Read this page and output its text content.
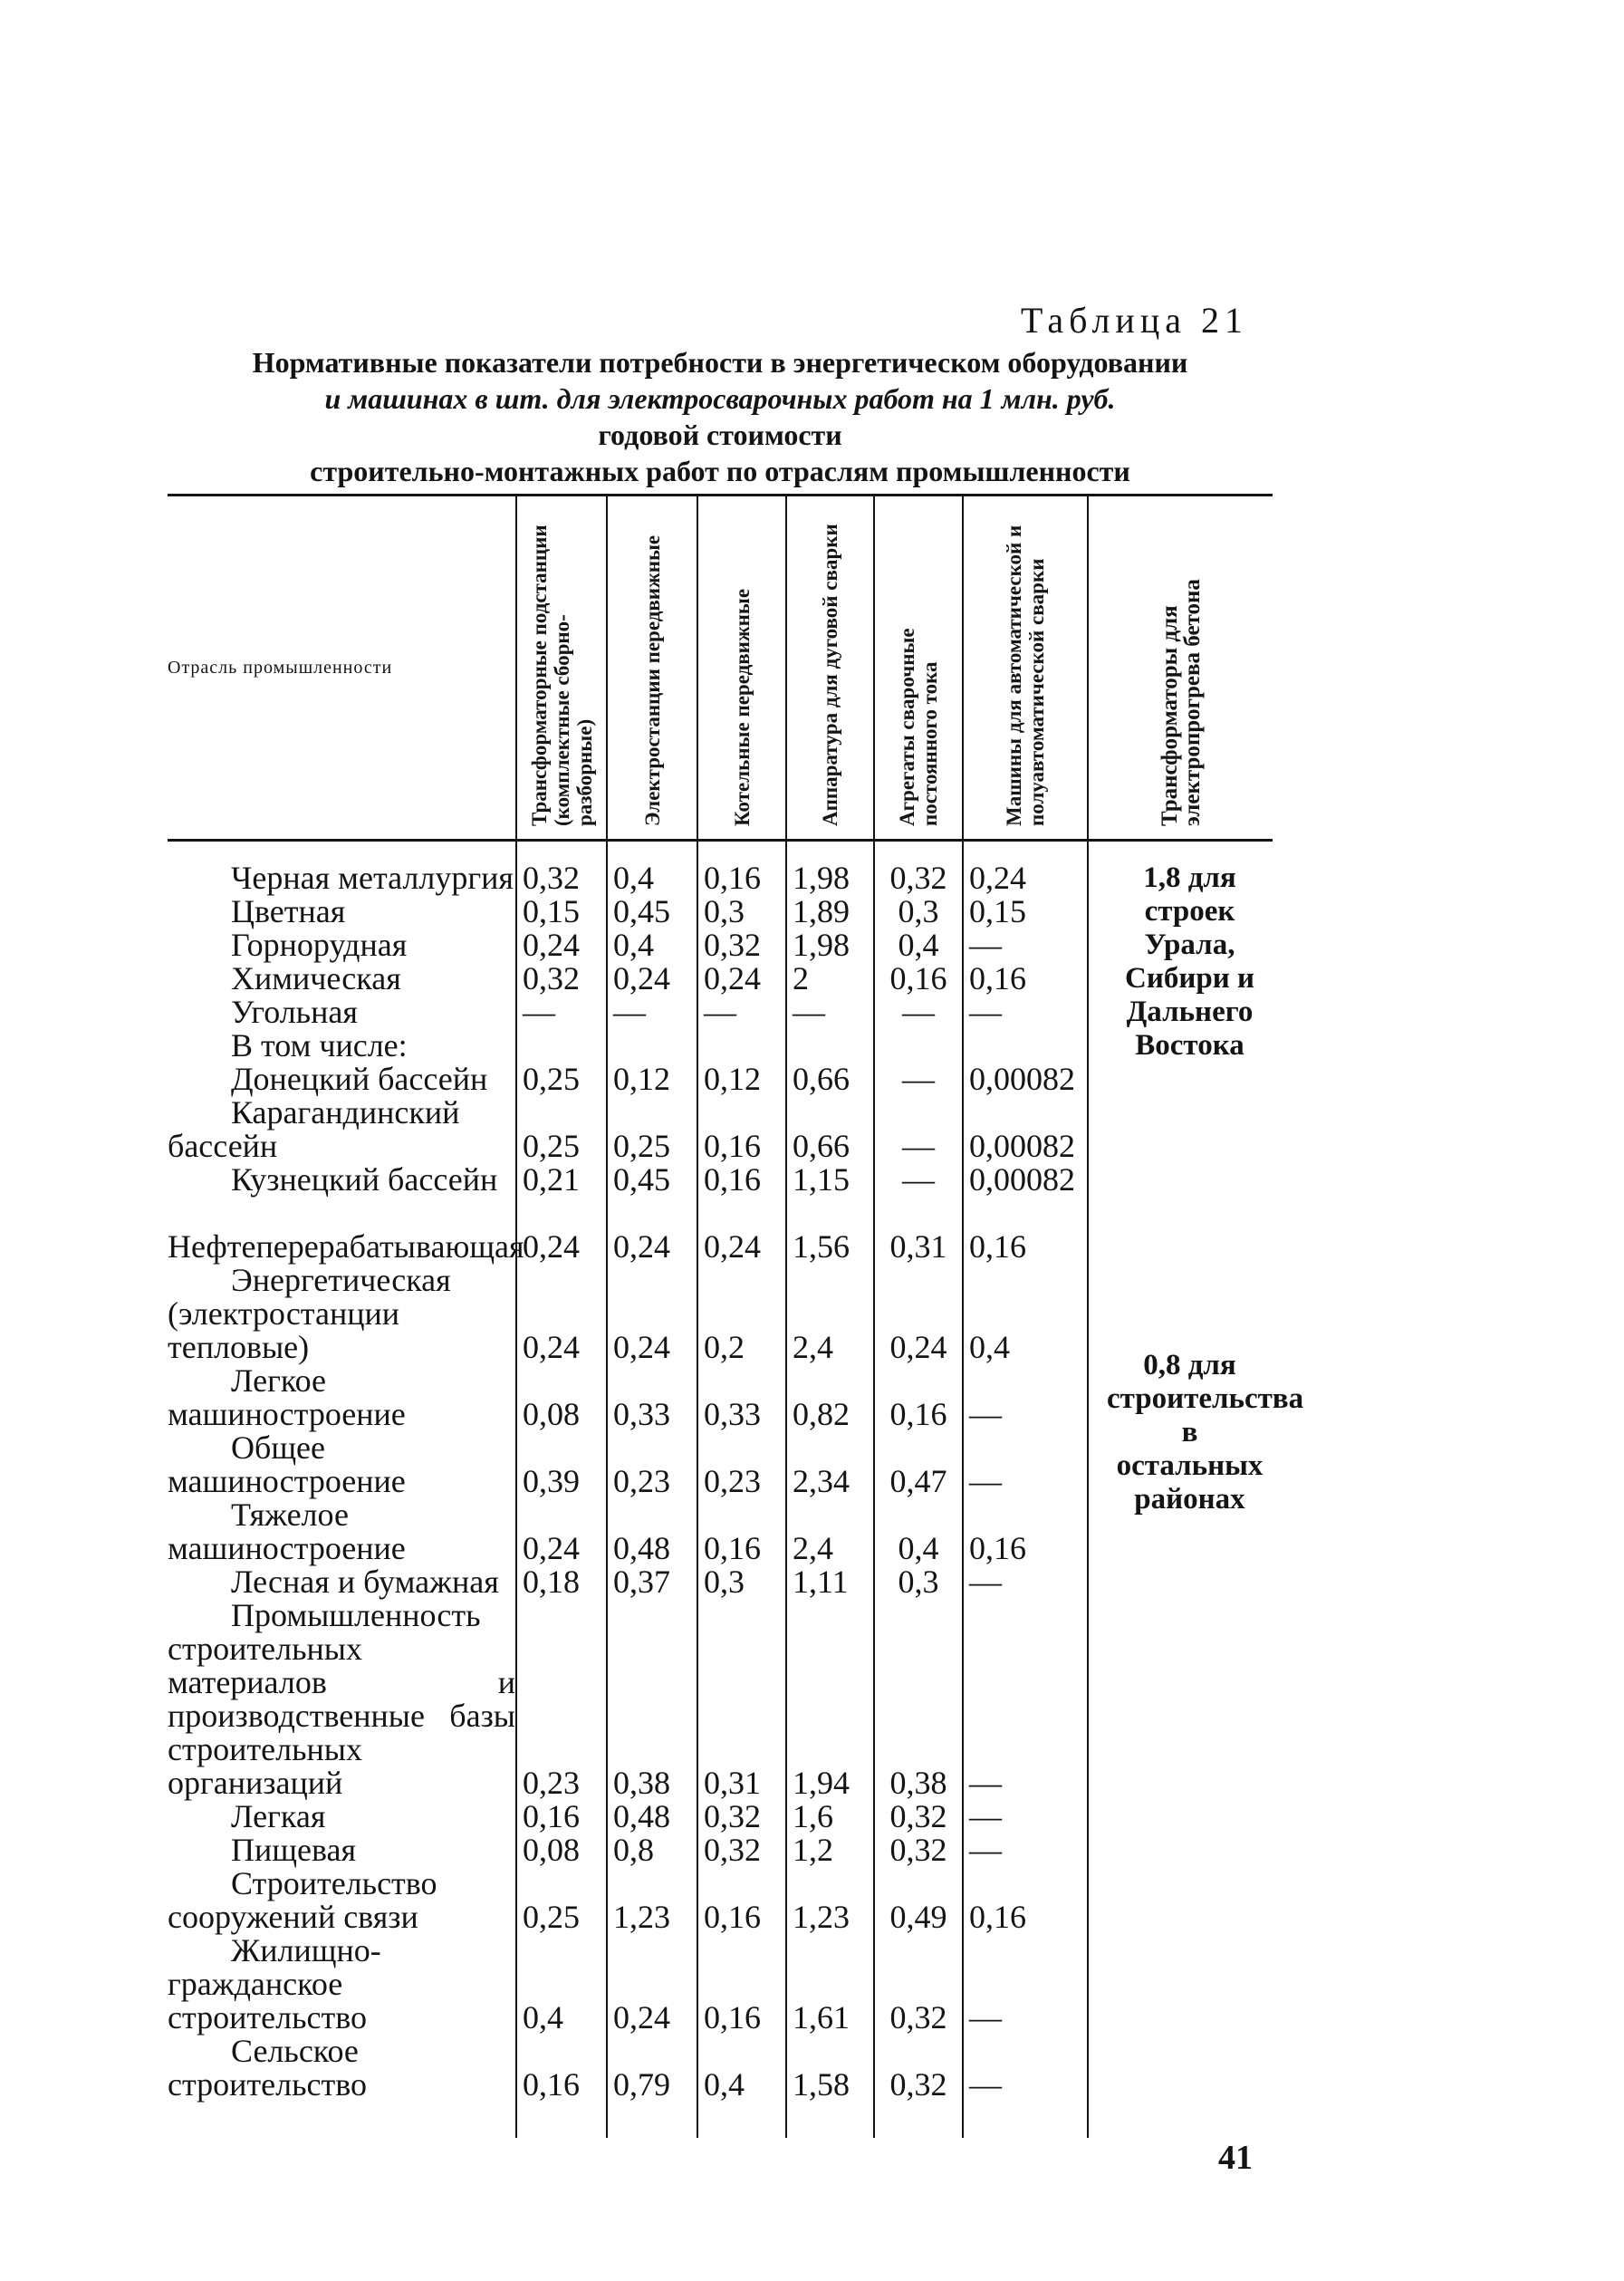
Таблица 21
Нормативные показатели потребности в энергетическом оборудовании
и машинах в шт. для электросварочных работ на 1 млн. руб.
годовой стоимости
строительно-монтажных работ по отраслям промышленности

Отрасль промышленности	Трансформаторные подстанции (комплектные сборно-разборные)	Электростанции передвижные	Котельные передвижные	Аппаратура для дуговой сварки	Агрегаты сварочные постоянного тока	Машины для автоматической и полуавтоматической сварки	Трансформаторы для электропрогрева бетона

Черная металлургия	0,32	0,4	0,16	1,98	0,32	0,24	1,8 для строек Урала, Сибири и Дальнего Востока
0,8 для строительства в остальных районах

Цветная	0,15	0,45	0,3	1,89	0,3	0,15	
Горнорудная	0,24	0,4	0,32	1,98	0,4	—	
Химическая	0,32	0,24	0,24	2	0,16	0,16	
Угольная	—	—	—	—	—	—	
В том числе:							
Донецкий бассейн	0,25	0,12	0,12	0,66	—	0,00082	
Карагандинский бассейн	0,25	0,25	0,16	0,66	—	0,00082	
Кузнецкий бассейн	0,21	0,45	0,16	1,15	—	0,00082	
Нефтеперерабатывающая	0,24	0,24	0,24	1,56	0,31	0,16	
Энергетическая (электростанции тепловые)	0,24	0,24	0,2	2,4	0,24	0,4	
Легкое машиностроение	0,08	0,33	0,33	0,82	0,16	—	
Общее машиностроение	0,39	0,23	0,23	2,34	0,47	—	
Тяжелое машиностроение	0,24	0,48	0,16	2,4	0,4	0,16	
Лесная и бумажная	0,18	0,37	0,3	1,11	0,3	—	
Промышленность строительных материалов и производственные базы строительных организаций	0,23	0,38	0,31	1,94	0,38	—	
Легкая	0,16	0,48	0,32	1,6	0,32	—	
Пищевая	0,08	0,8	0,32	1,2	0,32	—	
Строительство сооружений связи	0,25	1,23	0,16	1,23	0,49	0,16	
Жилищно-гражданское строительство	0,4	0,24	0,16	1,61	0,32	—	
Сельское строительство	0,16	0,79	0,4	1,58	0,32	—	
41
